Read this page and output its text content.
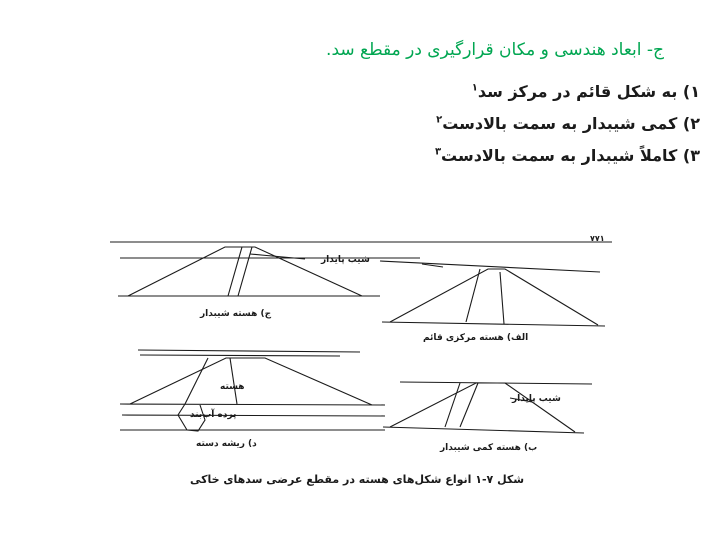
ج- ابعاد هندسی و مکان قرارگیری در مقطع سد.
۱) به شکل قائم در مرکز سد$^۱$
۲) کمی شیبدار به سمت بالادست$^۲$
۳) کاملاً شیبدار به سمت بالادست$^۳$
شیب پایدار
ج) هسته شیبدار
الف) هسته مرکزی قائم
هسته
پرده آب‌بند
شیب پایدار
د) ریشه دسته	ب) هسته کمی شیبدار
۷۷۱
شکل ۷-۱ انواع شکل‌های هسته در مقطع عرضی سدهای خاکی
